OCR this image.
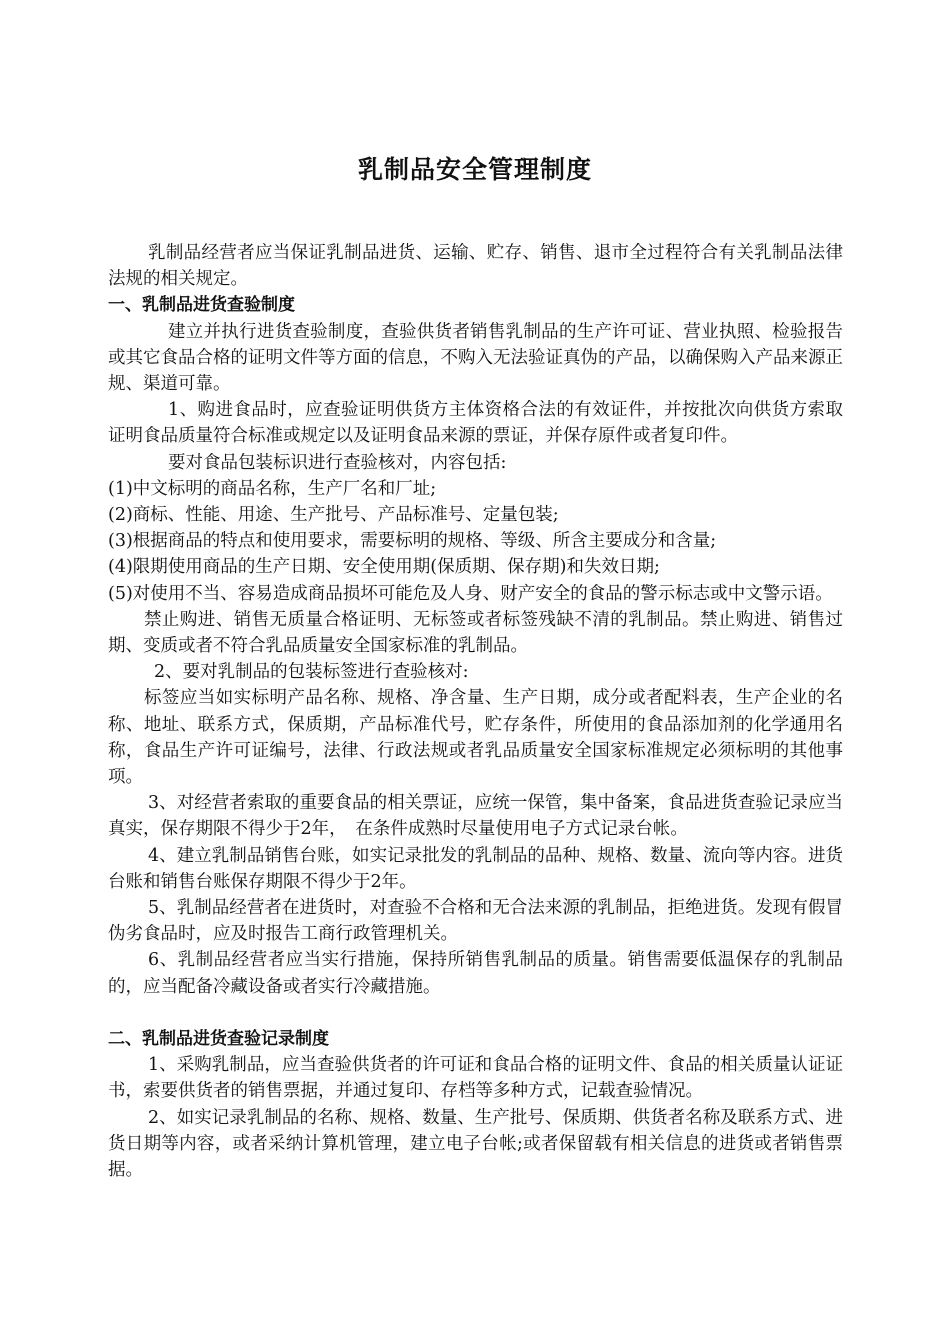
乳制品安全管理制度

乳制品经营者应当保证乳制品进货、运输、贮存、销售、退市全过程符合有关乳制品法律法规的相关规定。

一、乳制品进货查验制度

建立并执行进货查验制度，查验供货者销售乳制品的生产许可证、营业执照、检验报告或其它食品合格的证明文件等方面的信息，不购入无法验证真伪的产品，以确保购入产品来源正规、渠道可靠。

1、购进食品时，应查验证明供货方主体资格合法的有效证件，并按批次向供货方索取证明食品质量符合标准或规定以及证明食品来源的票证，并保存原件或者复印件。

要对食品包装标识进行查验核对，内容包括:

(1)中文标明的商品名称，生产厂名和厂址;

(2)商标、性能、用途、生产批号、产品标准号、定量包装;

(3)根据商品的特点和使用要求，需要标明的规格、等级、所含主要成分和含量;

(4)限期使用商品的生产日期、安全使用期(保质期、保存期)和失效日期;

(5)对使用不当、容易造成商品损坏可能危及人身、财产安全的食品的警示标志或中文警示语。

禁止购进、销售无质量合格证明、无标签或者标签残缺不清的乳制品。禁止购进、销售过期、变质或者不符合乳品质量安全国家标准的乳制品。

2、要对乳制品的包装标签进行查验核对:

标签应当如实标明产品名称、规格、净含量、生产日期，成分或者配料表，生产企业的名称、地址、联系方式，保质期，产品标准代号，贮存条件，所使用的食品添加剂的化学通用名称，食品生产许可证编号，法律、行政法规或者乳品质量安全国家标准规定必须标明的其他事项。

3、对经营者索取的重要食品的相关票证，应统一保管，集中备案，食品进货查验记录应当真实，保存期限不得少于2年，　在条件成熟时尽量使用电子方式记录台帐。

4、建立乳制品销售台账，如实记录批发的乳制品的品种、规格、数量、流向等内容。进货台账和销售台账保存期限不得少于2年。

5、乳制品经营者在进货时，对查验不合格和无合法来源的乳制品，拒绝进货。发现有假冒伪劣食品时，应及时报告工商行政管理机关。

6、乳制品经营者应当实行措施，保持所销售乳制品的质量。销售需要低温保存的乳制品的，应当配备冷藏设备或者实行冷藏措施。

二、乳制品进货查验记录制度

1、采购乳制品，应当查验供货者的许可证和食品合格的证明文件、食品的相关质量认证证书，索要供货者的销售票据，并通过复印、存档等多种方式，记载查验情况。

2、如实记录乳制品的名称、规格、数量、生产批号、保质期、供货者名称及联系方式、进货日期等内容，或者采纳计算机管理，建立电子台帐;或者保留载有相关信息的进货或者销售票据。
